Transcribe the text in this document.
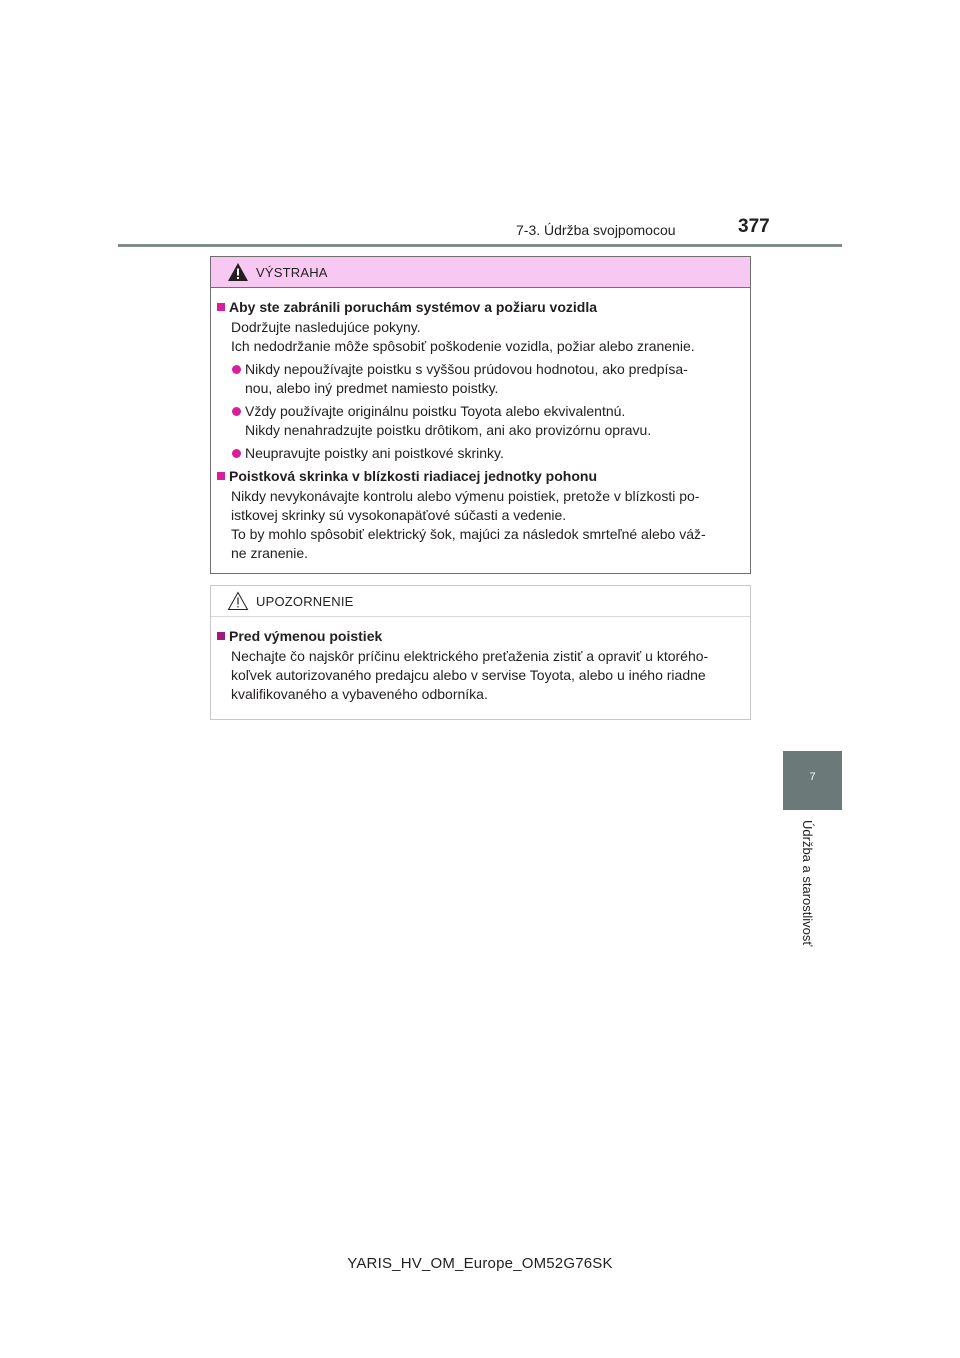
7-3. Údržba svojpomocou	377
7
Údržba a starostlivosť
VÝSTRAHA
Aby ste zabránili poruchám systémov a požiaru vozidla
Dodržujte nasledujúce pokyny.
Ich nedodržanie môže spôsobiť poškodenie vozidla, požiar alebo zranenie.
Nikdy nepoužívajte poistku s vyššou prúdovou hodnotou, ako predpísa-
nou, alebo iný predmet namiesto poistky.
Vždy používajte originálnu poistku Toyota alebo ekvivalentnú.
Nikdy nenahradzujte poistku drôtikom, ani ako provizórnu opravu.
Neupravujte poistky ani poistkové skrinky.
Poistková skrinka v blízkosti riadiacej jednotky pohonu
Nikdy nevykonávajte kontrolu alebo výmenu poistiek, pretože v blízkosti po-
istkovej skrinky sú vysokonapäťové súčasti a vedenie.
To by mohlo spôsobiť elektrický šok, majúci za následok smrteľné alebo váž-
ne zranenie.
UPOZORNENIE
Pred výmenou poistiek
Nechajte čo najskôr príčinu elektrického preťaženia zistiť a opraviť u ktorého-
koľvek autorizovaného predajcu alebo v servise Toyota, alebo u iného riadne
kvalifikovaného a vybaveného odborníka.
YARIS_HV_OM_Europe_OM52G76SK
